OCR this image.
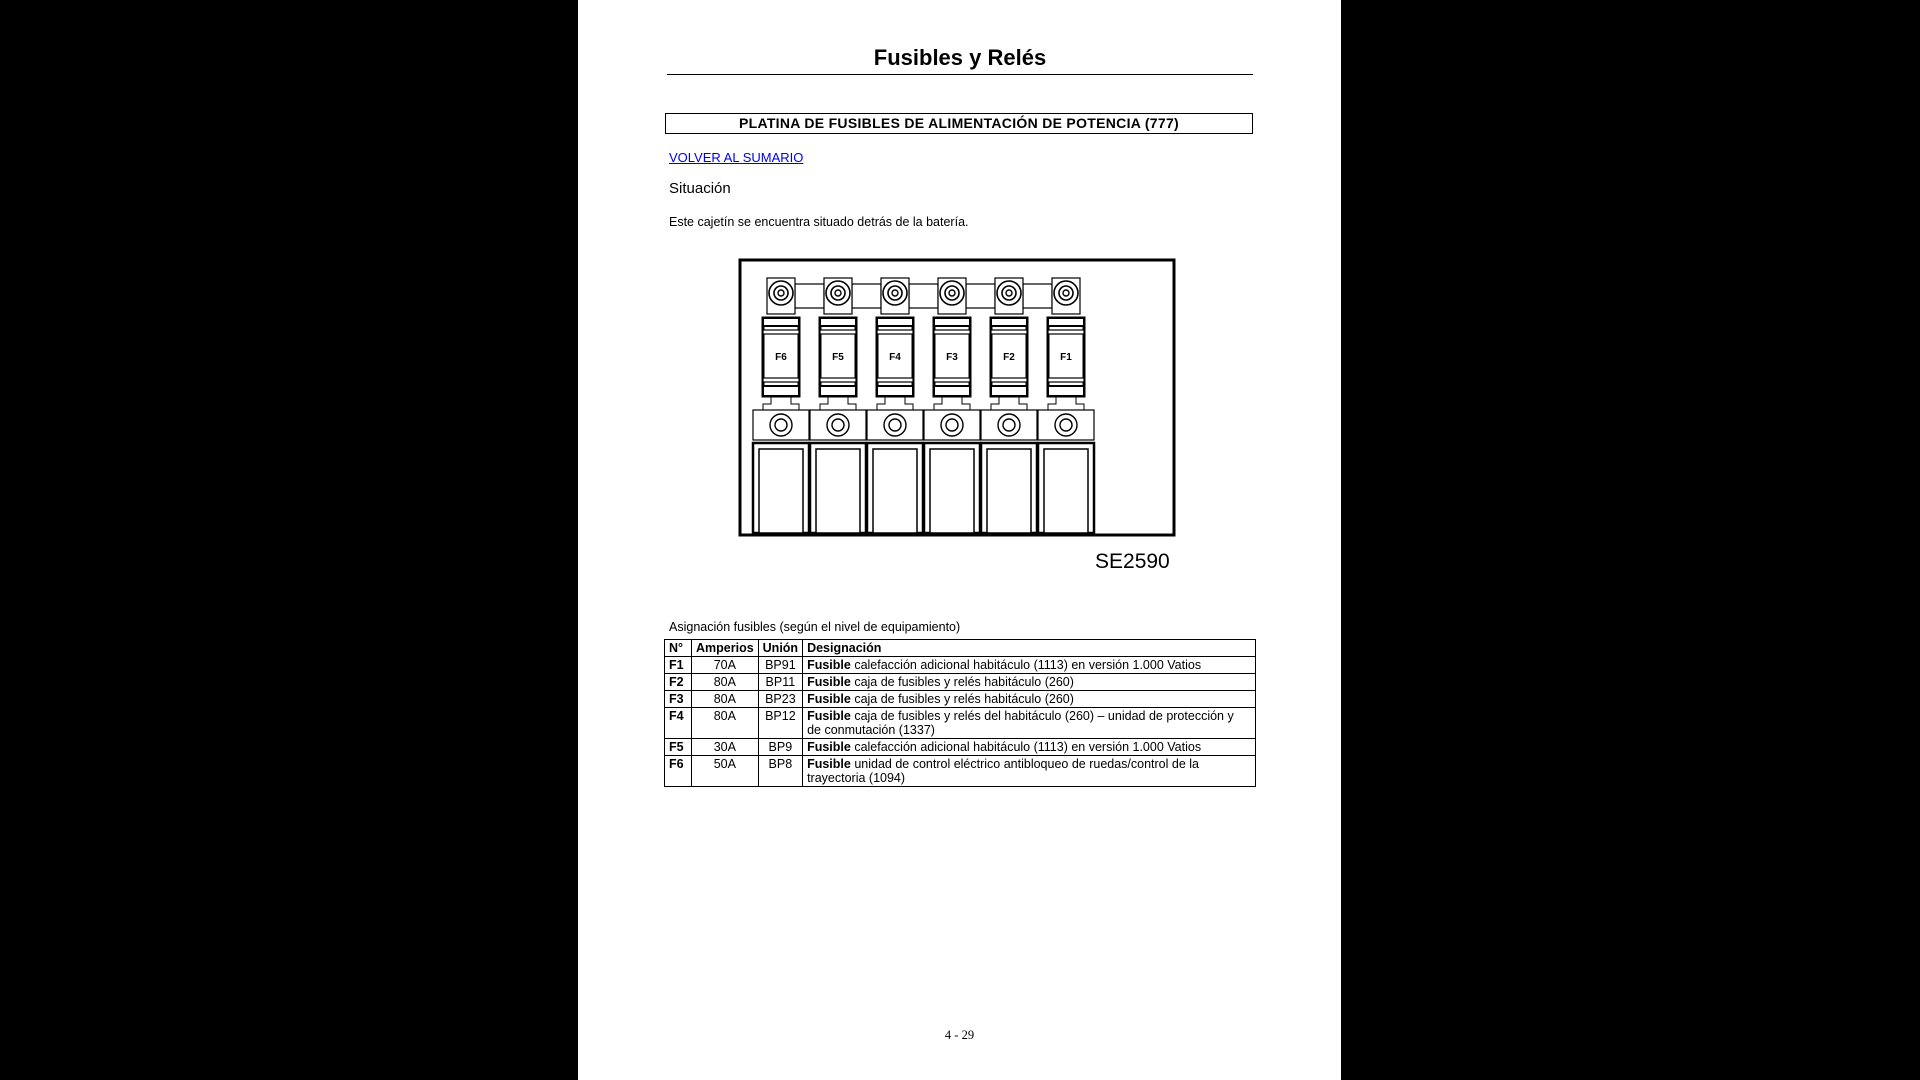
Fusibles y Relés
PLATINA DE FUSIBLES DE ALIMENTACIÓN DE POTENCIA (777)
VOLVER AL SUMARIO
Situación
Este cajetín se encuentra situado detrás de la batería.
F6	F5	F4	F3	F2	F1
SE2590
Asignación fusibles (según el nivel de equipamiento)
N°	Amperios	Unión	Designación
F1	70A	BP91	Fusible calefacción adicional habitáculo (1113) en versión 1.000 Vatios
F2	80A	BP11	Fusible caja de fusibles y relés habitáculo (260)
F3	80A	BP23	Fusible caja de fusibles y relés habitáculo (260)
F4	80A	BP12	Fusible caja de fusibles y relés del habitáculo (260) – unidad de protección y de conmutación (1337)
F5	30A	BP9	Fusible calefacción adicional habitáculo (1113) en versión 1.000 Vatios
F6	50A	BP8	Fusible unidad de control eléctrico antibloqueo de ruedas/control de la trayectoria (1094)
4 - 29
